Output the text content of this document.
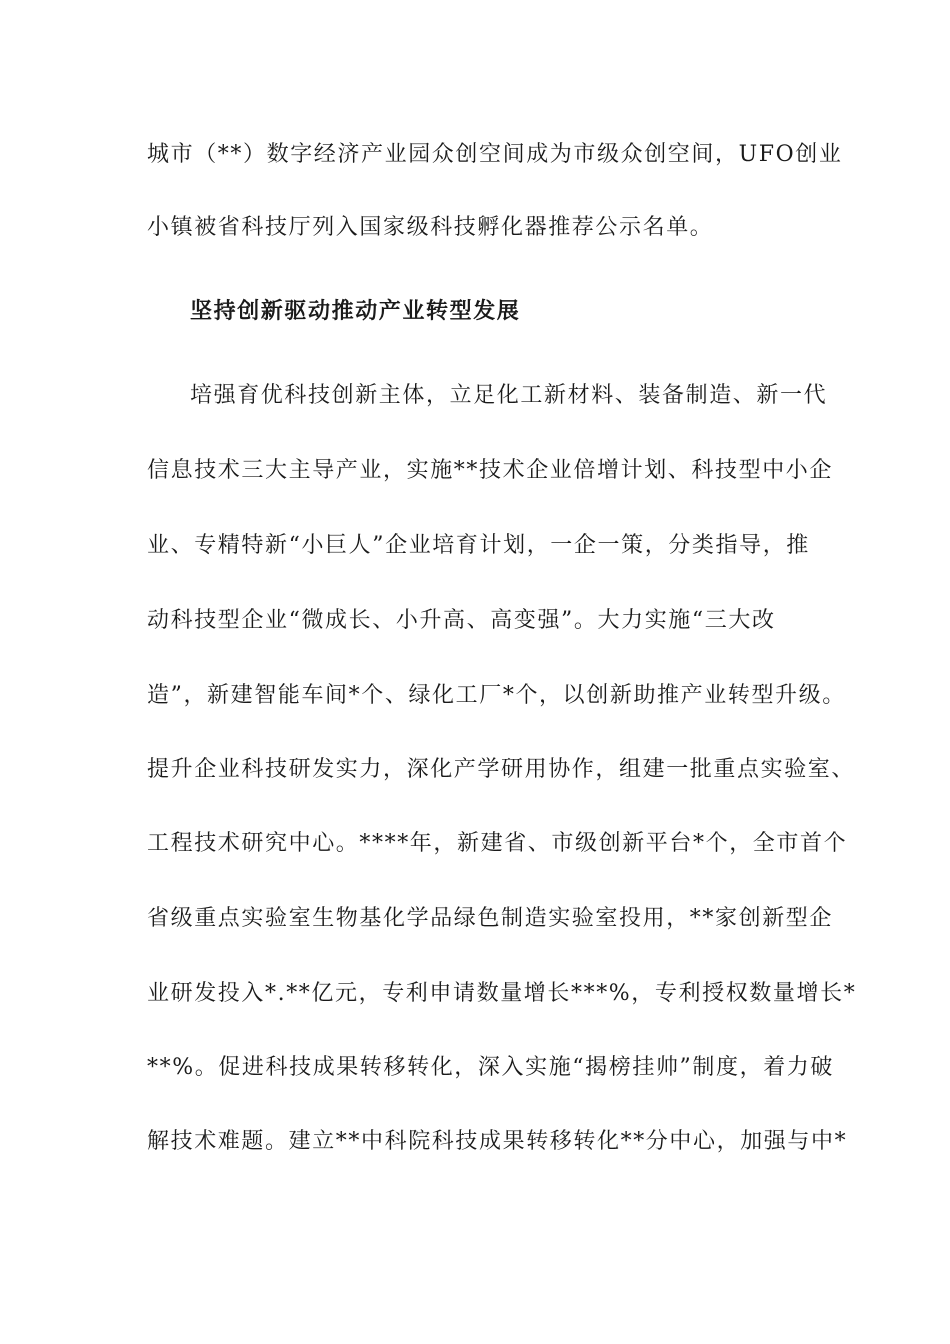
城市（**）数字经济产业园众创空间成为市级众创空间，UFO创业
小镇被省科技厅列入国家级科技孵化器推荐公示名单。
坚持创新驱动推动产业转型发展
培强育优科技创新主体，立足化工新材料、装备制造、新一代
信息技术三大主导产业，实施**技术企业倍增计划、科技型中小企
业、专精特新“小巨人”企业培育计划，一企一策，分类指导，推
动科技型企业“微成长、小升高、高变强”。大力实施“三大改
造”，新建智能车间*个、绿化工厂*个，以创新助推产业转型升级。
提升企业科技研发实力，深化产学研用协作，组建一批重点实验室、
工程技术研究中心。****年，新建省、市级创新平台*个，全市首个
省级重点实验室生物基化学品绿色制造实验室投用，**家创新型企
业研发投入*.**亿元，专利申请数量增长***%，专利授权数量增长*
**%。促进科技成果转移转化，深入实施“揭榜挂帅”制度，着力破
解技术难题。建立**中科院科技成果转移转化**分中心，加强与中*
